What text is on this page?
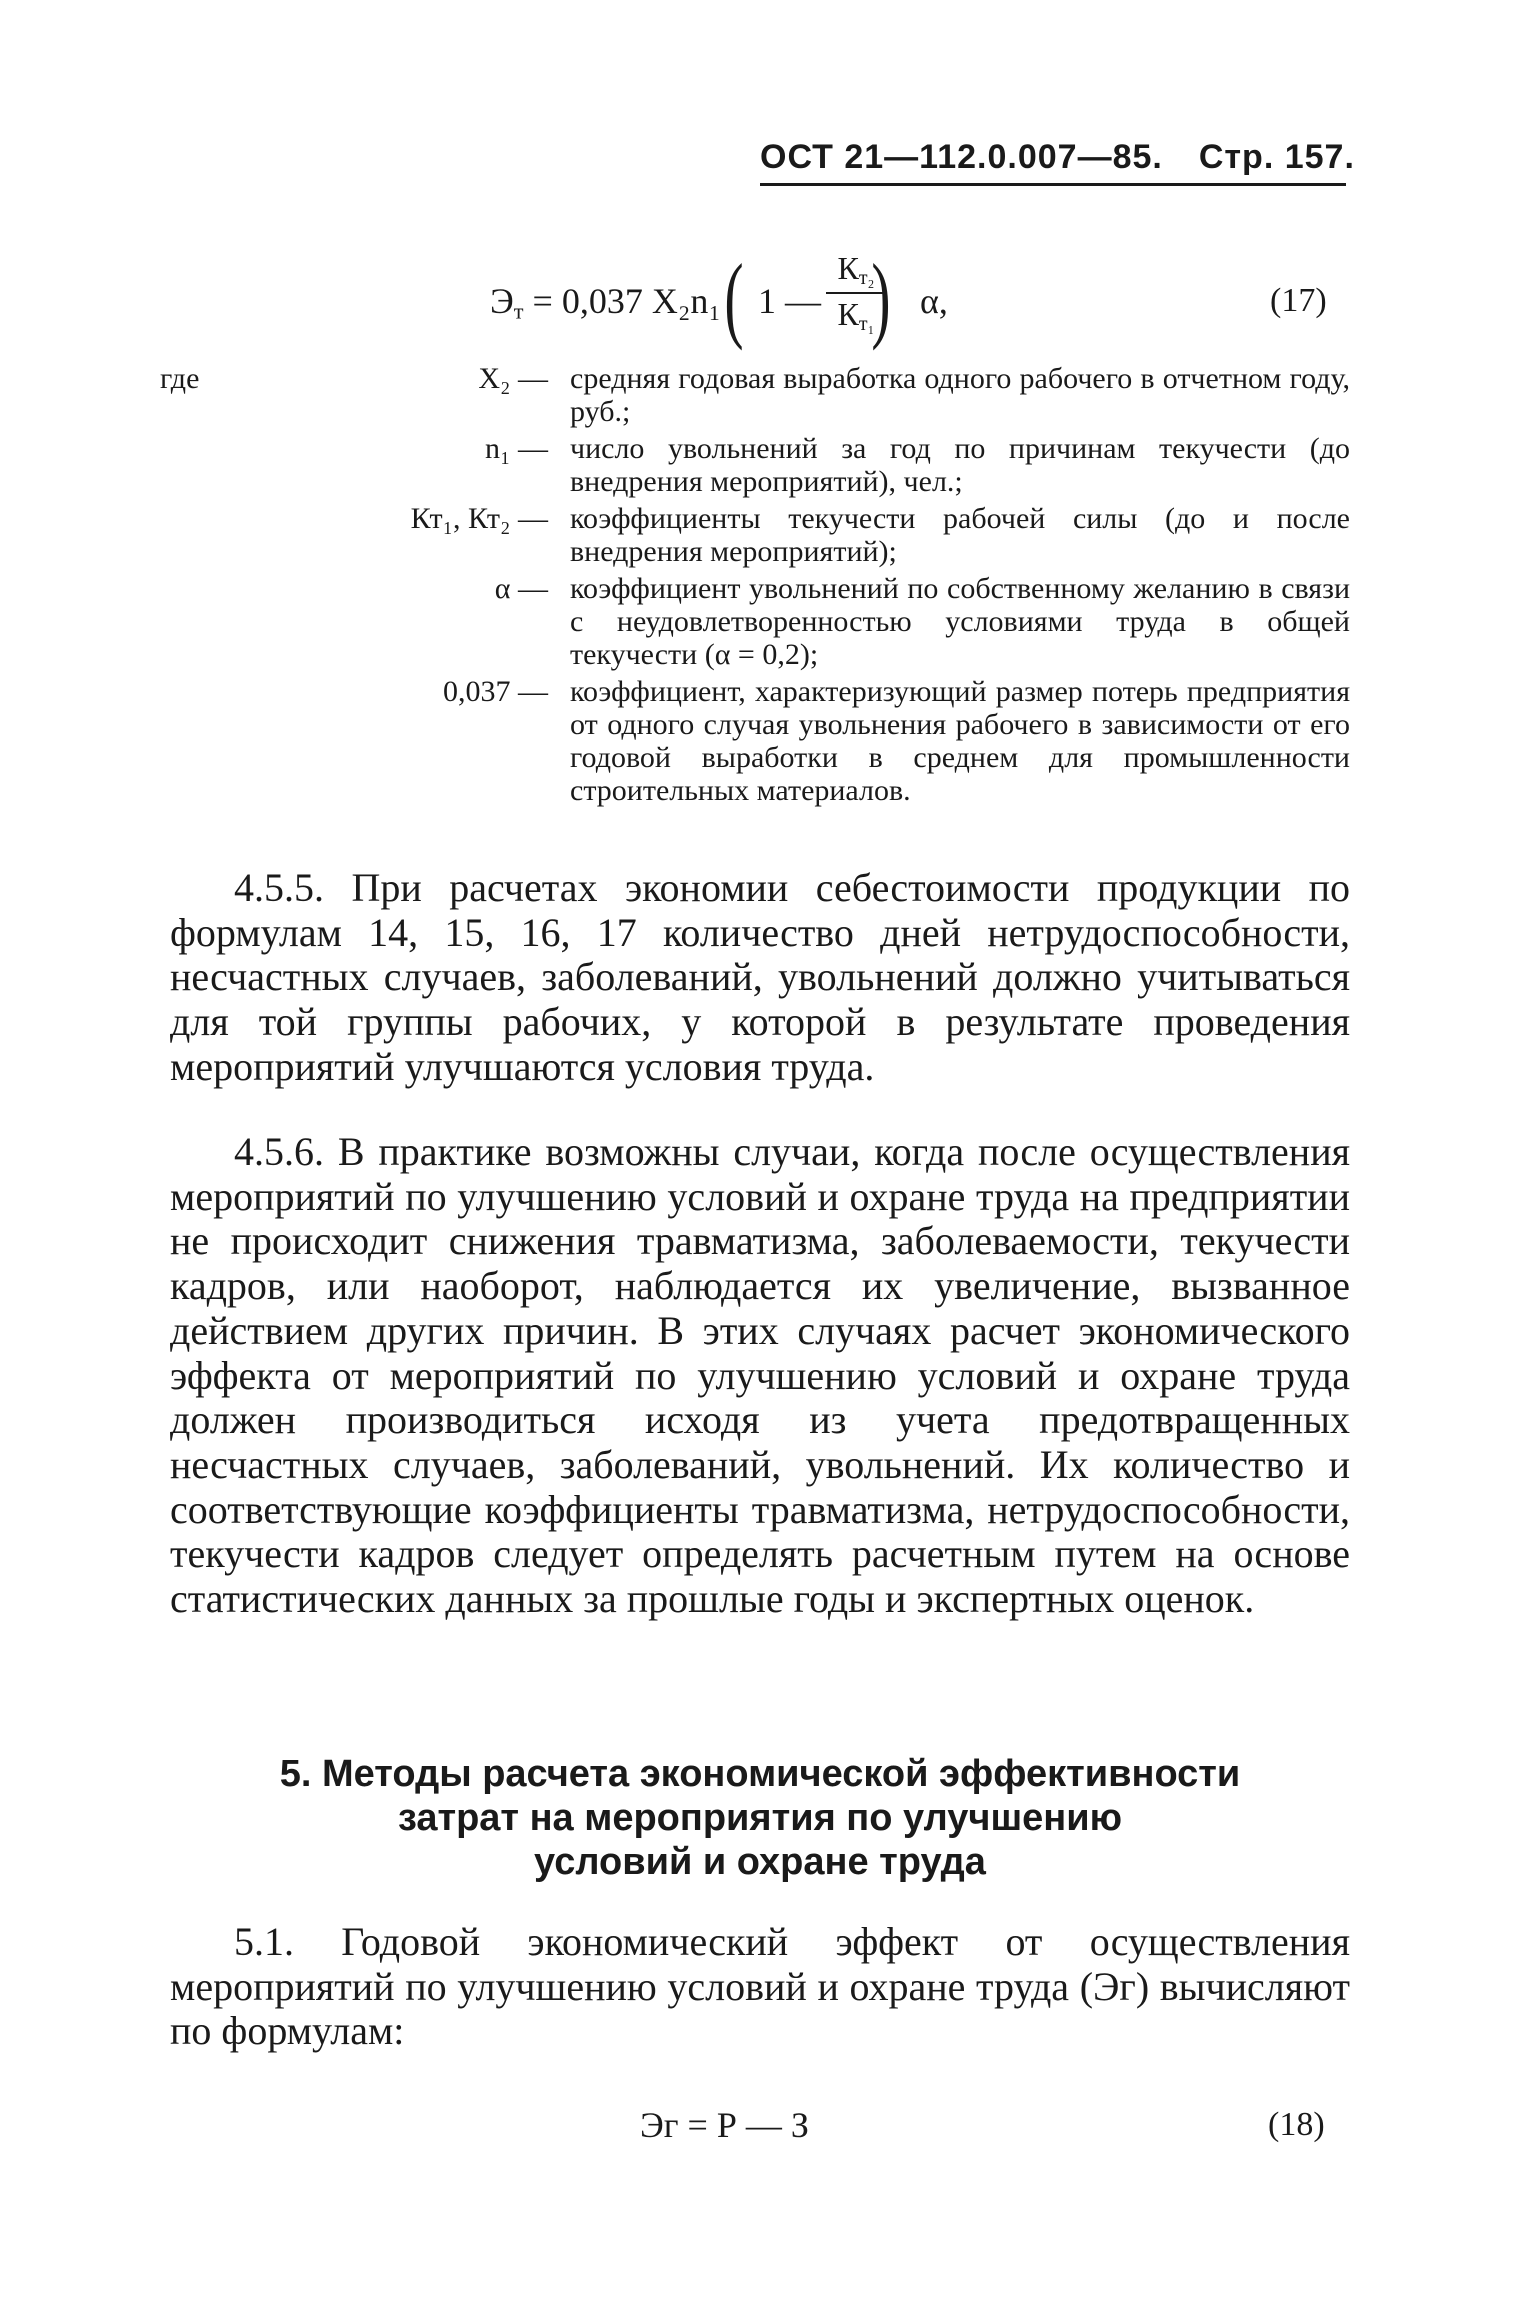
ОСТ 21—112.0.007—85. Стр. 157.
$Э_т = 0,037$ Х₂n₁ ( 1 —
$К_{т_2}$
$К_{т_1}$
) α,	(17)
где	Х₂ — средняя годовая выработка одного рабочего в отчетном году, руб.;
n₁ — число увольнений за год по причинам текучести (до внедрения мероприятий), чел.;
Кт₁, Кт₂ — коэффициенты текучести рабочей силы (до и после внедрения мероприятий);
α — коэффициент увольнений по собственному желанию в связи с неудовлетворенностью условиями труда в общей текучести (α = 0,2);
0,037 — коэффициент, характеризующий размер потерь предприятия от одного случая увольнения рабочего в зависимости от его годовой выработки в среднем для промышленности строительных материалов.
4.5.5. При расчетах экономии себестоимости продукции по формулам 14, 15, 16, 17 количество дней нетрудоспособности, несчастных случаев, заболеваний, увольнений должно учитываться для той группы рабочих, у которой в результате проведения мероприятий улучшаются условия труда.
4.5.6. В практике возможны случаи, когда после осуществления мероприятий по улучшению условий и охране труда на предприятии не происходит снижения травматизма, заболеваемости, текучести кадров, или наоборот, наблюдается их увеличение, вызванное действием других причин. В этих случаях расчет экономического эффекта от мероприятий по улучшению условий и охране труда должен производиться исходя из учета предотвращенных несчастных случаев, заболеваний, увольнений. Их количество и соответствующие коэффициенты травматизма, нетрудоспособности, текучести кадров следует определять расчетным путем на основе статистических данных за прошлые годы и экспертных оценок.
5. Методы расчета экономической эффективности
затрат на мероприятия по улучшению
условий и охране труда
5.1. Годовой экономический эффект от осуществления мероприятий по улучшению условий и охране труда (Эг) вычисляют по формулам:
Эг = Р — З	(18)
